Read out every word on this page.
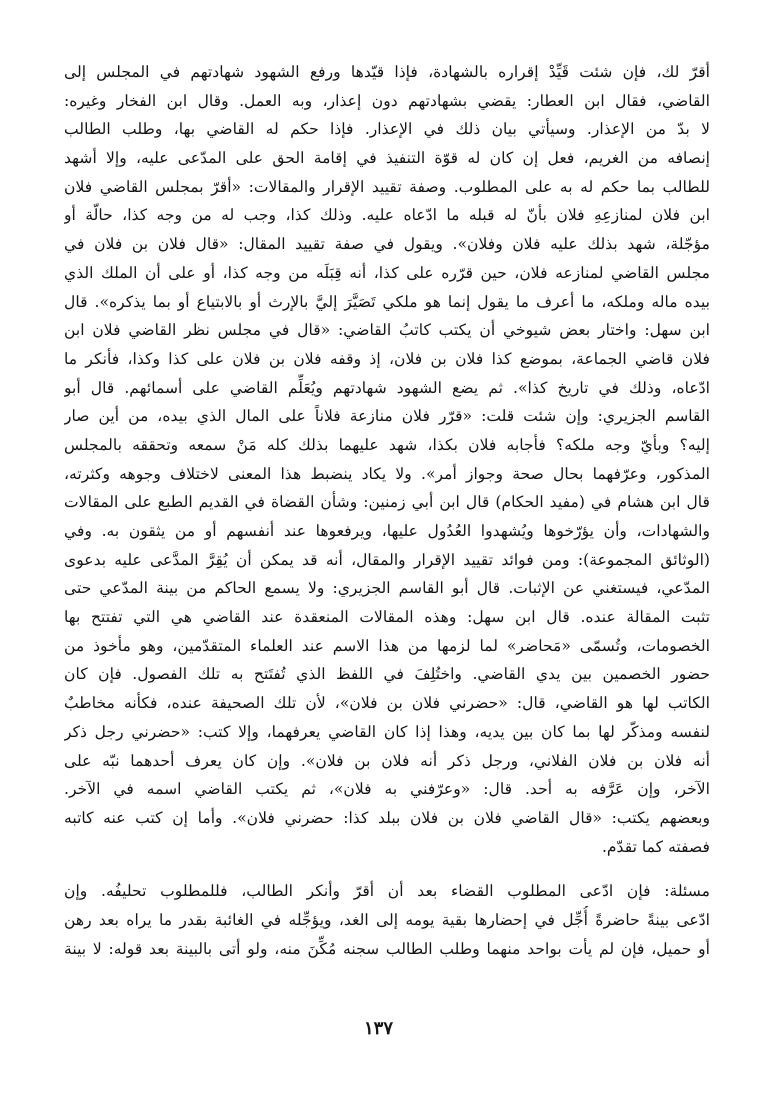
أقرّ لك، فإن شئت قَيِّدْ إقراره بالشهادة، فإذا قيّدها ورفع الشهود شهادتهم في المجلس إلى
القاضي، فقال ابن العطار: يقضي بشهادتهم دون إعذار، وبه العمل. وقال ابن الفخار وغيره:
لا بدّ من الإعذار. وسيأتي بيان ذلك في الإعذار. فإذا حكم له القاضي بها، وطلب الطالب
إنصافه من الغريم، فعل إن كان له قوّة التنفيذ في إقامة الحق على المدّعى عليه، وإلا أشهد
للطالب بما حكم له به على المطلوب. وصفة تقييد الإقرار والمقالات: «أقرّ بمجلس القاضي فلان
ابن فلان لمنازعِهِ فلان بأنّ له قبله ما ادّعاه عليه. وذلك كذا، وجب له من وجه كذا، حالّة أو
مؤجّلة، شهد بذلك عليه فلان وفلان». ويقول في صفة تقييد المقال: «قال فلان بن فلان في
مجلس القاضي لمنازعه فلان، حين قرّره على كذا، أنه قِبَلَه من وجه كذا، أو على أن الملك الذي
بيده ماله وملكه، ما أعرف ما يقول إنما هو ملكي تَصَيَّرَ إليَّ بالإرث أو بالابتياع أو بما يذكره». قال
ابن سهل: واختار بعض شيوخي أن يكتب كاتبُ القاضي: «قال في مجلس نظر القاضي فلان ابن
فلان قاضي الجماعة، بموضع كذا فلان بن فلان، إذ وقفه فلان بن فلان على كذا وكذا، فأنكر ما
ادّعاه، وذلك في تاريخ كذا». ثم يضع الشهود شهادتهم ويُعَلِّم القاضي على أسمائهم. قال أبو
القاسم الجزيري: وإن شئت قلت: «قرّر فلان منازعة فلاناً على المال الذي بيده، من أين صار
إليه؟ وبأيّ وجه ملكه؟ فأجابه فلان بكذا، شهد عليهما بذلك كله مَنْ سمعه وتحققه بالمجلس
المذكور، وعرّفهما بحال صحة وجواز أمر». ولا يكاد ينضبط هذا المعنى لاختلاف وجوهه وكثرته،
قال ابن هشام في (مفيد الحكام) قال ابن أبي زمنين: وشأن القضاة في القديم الطبع على المقالات
والشهادات، وأن يؤرّخوها ويُشهدوا العُدُول عليها، ويرفعوها عند أنفسهم أو من يثقون به. وفي
(الوثائق المجموعة): ومن فوائد تقييد الإقرار والمقال، أنه قد يمكن أن يُقِرَّ المدَّعى عليه بدعوى
المدّعي، فيستغني عن الإثبات. قال أبو القاسم الجزيري: ولا يسمع الحاكم من بينة المدّعي حتى
تثبت المقالة عنده. قال ابن سهل: وهذه المقالات المنعقدة عند القاضي هي التي تفتتح بها
الخصومات، وتُسمّى «مَحاضر» لما لزمها من هذا الاسم عند العلماء المتقدّمين، وهو مأخوذ من
حضور الخصمين بين يدي القاضي. واختُلِفَ في اللفظ الذي تُفتَتح به تلك الفصول. فإن كان
الكاتب لها هو القاضي، قال: «حضرني فلان بن فلان»، لأن تلك الصحيفة عنده، فكأنه مخاطبٌ
لنفسه ومذكّر لها بما كان بين يديه، وهذا إذا كان القاضي يعرفهما، وإلا كتب: «حضرني رجل ذكر
أنه فلان بن فلان الفلاني، ورجل ذكر أنه فلان بن فلان». وإن كان يعرف أحدهما نبّه على
الآخر، وإن عَرَّفه به أحد. قال: «وعرّفني به فلان»، ثم يكتب القاضي اسمه في الآخر.
وبعضهم يكتب: «قال القاضي فلان بن فلان ببلد كذا: حضرني فلان». وأما إن كتب عنه كاتبه
فصفته كما تقدّم.
مسئلة: فإن ادّعى المطلوب القضاء بعد أن أقرّ وأنكر الطالب، فللمطلوب تحليفُه. وإن
ادّعى بينةً حاضرةً أُجِّل في إحضارها بقية يومه إلى الغد، ويؤجِّله في الغائبة بقدر ما يراه بعد رهن
أو حميل، فإن لم يأت بواحد منهما وطلب الطالب سجنه مُكِّنَ منه، ولو أتى بالبينة بعد قوله: لا بينة
١٣٧
